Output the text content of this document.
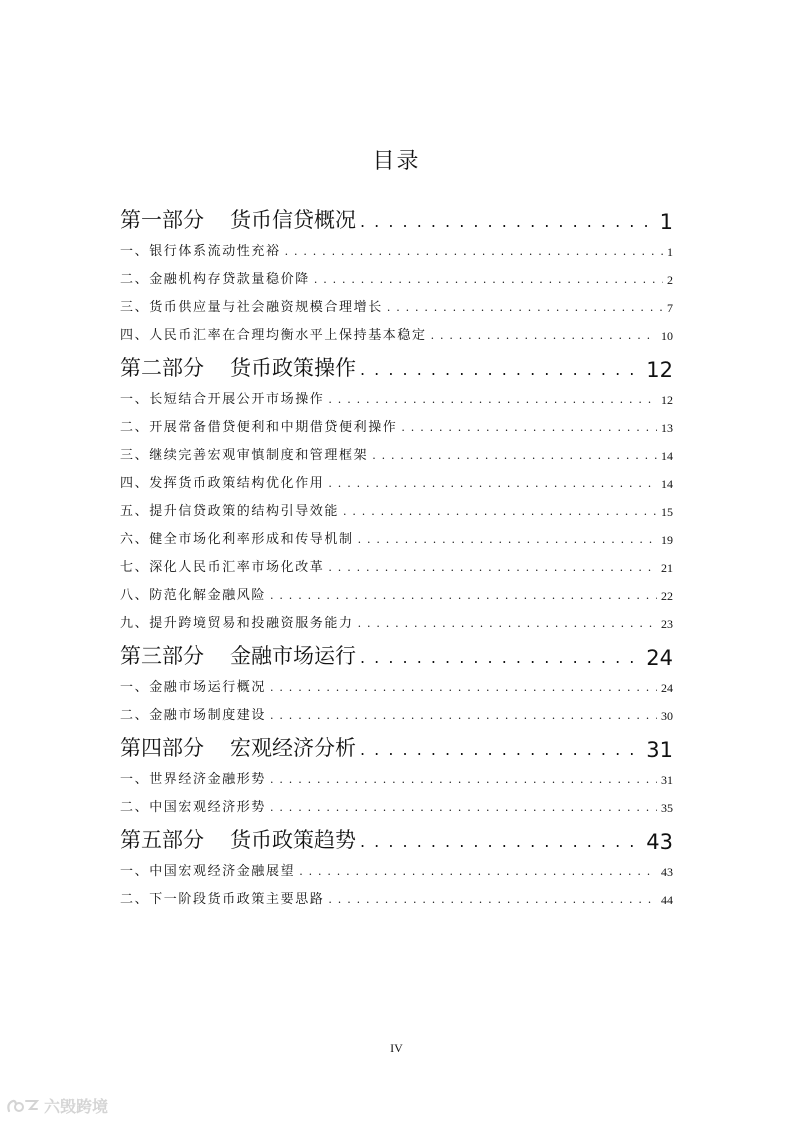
目录
第一部分 货币信贷概况 . . .	1
一、银行体系流动性充裕 . . .	1
二、金融机构存贷款量稳价降 . . .	2
三、货币供应量与社会融资规模合理增长 . . .	7
四、人民币汇率在合理均衡水平上保持基本稳定 . . .	10
第二部分 货币政策操作 . . .	12
一、长短结合开展公开市场操作 . . .	12
二、开展常备借贷便利和中期借贷便利操作 . . .	13
三、继续完善宏观审慎制度和管理框架 . . .	14
四、发挥货币政策结构优化作用 . . .	14
五、提升信贷政策的结构引导效能 . . .	15
六、健全市场化利率形成和传导机制 . . .	19
七、深化人民币汇率市场化改革 . . .	21
八、防范化解金融风险 . . .	22
九、提升跨境贸易和投融资服务能力 . . .	23
第三部分 金融市场运行 . . .	24
一、金融市场运行概况 . . .	24
二、金融市场制度建设 . . .	30
第四部分 宏观经济分析 . . .	31
一、世界经济金融形势 . . .	31
二、中国宏观经济形势 . . .	35
第五部分 货币政策趋势 . . .	43
一、中国宏观经济金融展望 . . .	43
二、下一阶段货币政策主要思路 . . .	44
IV
六毁跨境
